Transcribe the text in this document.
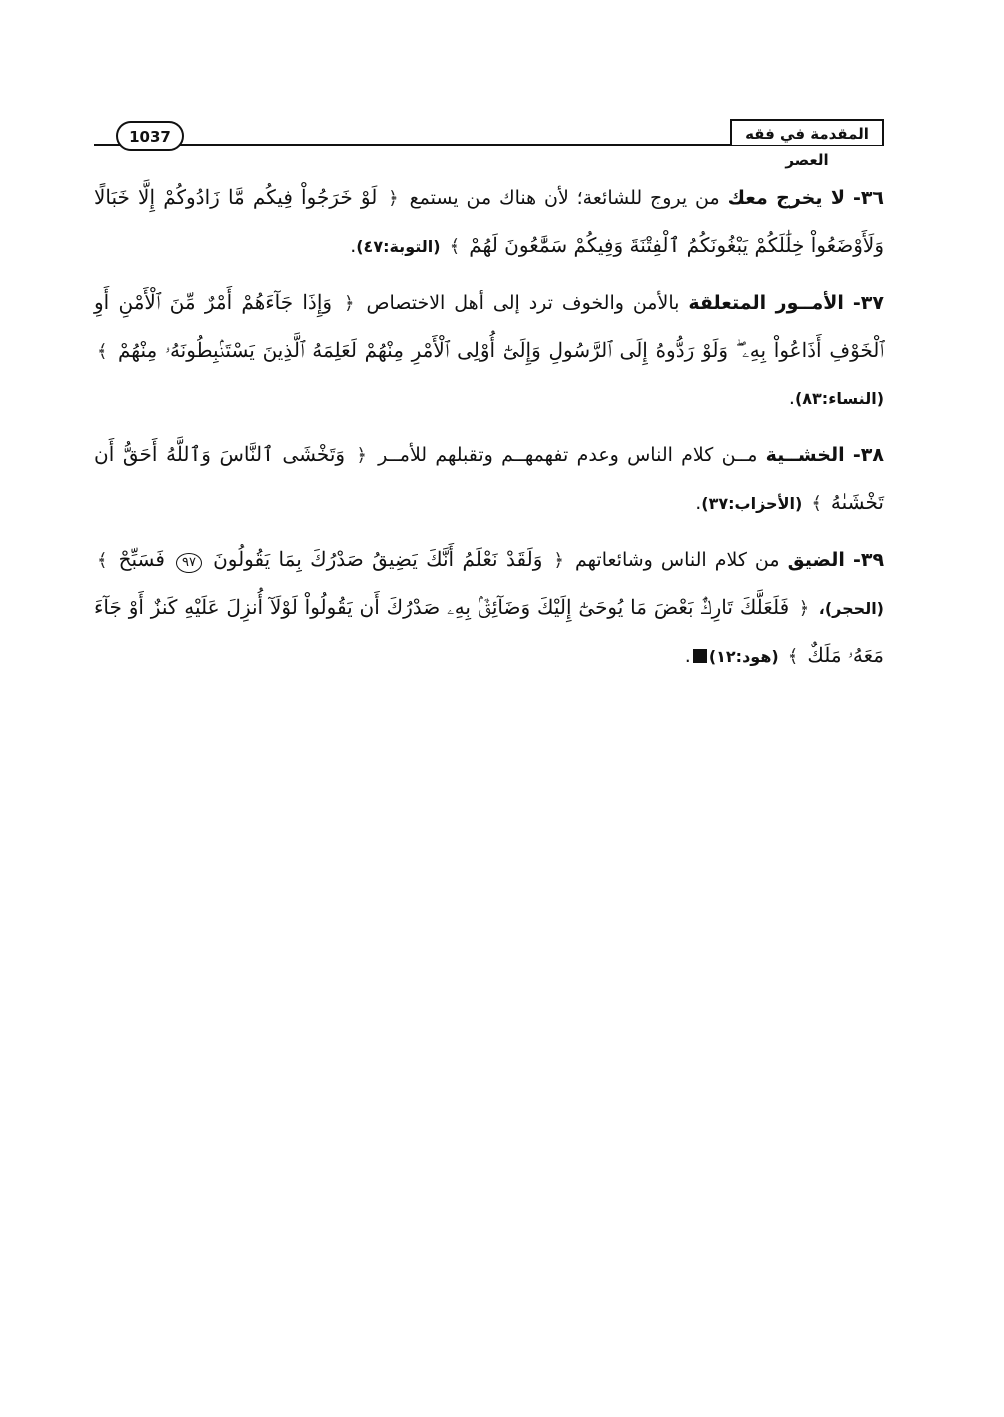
المقدمة في فقه العصر
1037

٣٦- لا يخرج معك من يروج للشائعة؛ لأن هناك من يستمع ﴿ لَوْ خَرَجُواْ فِيكُم مَّا زَادُوكُمْ إِلَّا خَبَالًا وَلَأَوْضَعُواْ خِلَٰلَكُمْ يَبْغُونَكُمُ ٱلْفِتْنَةَ وَفِيكُمْ سَمَّٰعُونَ لَهُمْ ﴾ (التوبة:٤٧).

٣٧- الأمــور المتعلقة بالأمن والخوف ترد إلى أهل الاختصاص ﴿ وَإِذَا جَآءَهُمْ أَمْرٌ مِّنَ ٱلْأَمْنِ أَوِ ٱلْخَوْفِ أَذَاعُواْ بِهِۦ ۖ وَلَوْ رَدُّوهُ إِلَى ٱلرَّسُولِ وَإِلَىٰٓ أُوْلِى ٱلْأَمْرِ مِنْهُمْ لَعَلِمَهُ ٱلَّذِينَ يَسْتَنۢبِطُونَهُۥ مِنْهُمْ ﴾ (النساء:٨٣).

٣٨- الخشــية مــن كلام الناس وعدم تفهمهــم وتقبلهم للأمــر ﴿ وَتَخْشَى ٱلنَّاسَ وَٱللَّهُ أَحَقُّ أَن تَخْشَىٰهُ ﴾ (الأحزاب:٣٧).

٣٩- الضيق من كلام الناس وشائعاتهم ﴿ وَلَقَدْ نَعْلَمُ أَنَّكَ يَضِيقُ صَدْرُكَ بِمَا يَقُولُونَ ٩٧ فَسَبِّحْ ﴾ (الحجر)، ﴿ فَلَعَلَّكَ تَارِكٌۢ بَعْضَ مَا يُوحَىٰٓ إِلَيْكَ وَضَآئِقٌۢ بِهِۦ صَدْرُكَ أَن يَقُولُواْ لَوْلَآ أُنزِلَ عَلَيْهِ كَنزٌ أَوْ جَآءَ مَعَهُۥ مَلَكٌ ﴾ (هود:١٢).
